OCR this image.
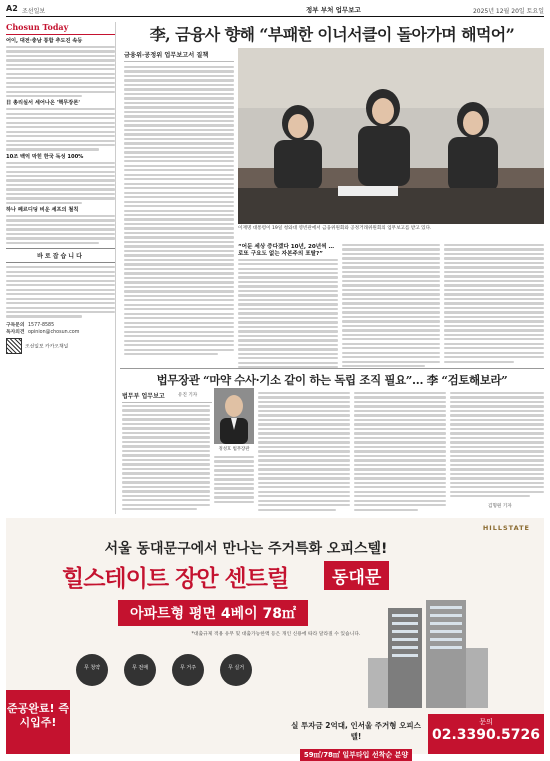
A2 조선일보	정부 부처 업무보고	2025년 12월 20일 토요일
Chosun Today
어이, 대전·충남 통합 추도진 속등
日 총리실서 세어나온 '핵무장론'
10조 백억 막힌 한국 독성 100%
하나 페르디딩 비운 세프의 철칙
바로잡습니다
구독문의 1577-8585
독자의견 opinion@chosun.com
조선일보 카카오채널
李, 금융사 향해 “부패한 이너서클이 돌아가며 해먹어”
금융위·공정위 업무보고서 질책
이재명 대통령이 19일 청와대 영빈관에서 금융위원회와 공정거래위원회의 업무보고를 받고 있다.
“어둔 세상 증다겠다 10년, 20년씩 … 로또 구요도 없는 자본주의 포탈?”
법무장관 “마약 수사·기소 같이 하는 독립 조직 필요”… 李 “검토해보라”
법무부 업무보고	유진 기자
정성호 법무장관
김형원 기자
HILLSTATE
서울 동대문구에서 만나는 주거특화 오피스텔!
힐스테이트 장안 센트럴	동대문
아파트형 평면 4베이 78㎡
*대출규제 적용 유무 및 대출가능한액 등은 개인 신용에 따라 달라질 수 있습니다.
무 청약	무 전매	무 거주	무 실거
준공완료! 즉시입주!	실 투자금 2억대, 인서울 주거형 오피스텔!
59㎡/78㎡ 일부타입 선착순 분양
문의
02.3390.5726
